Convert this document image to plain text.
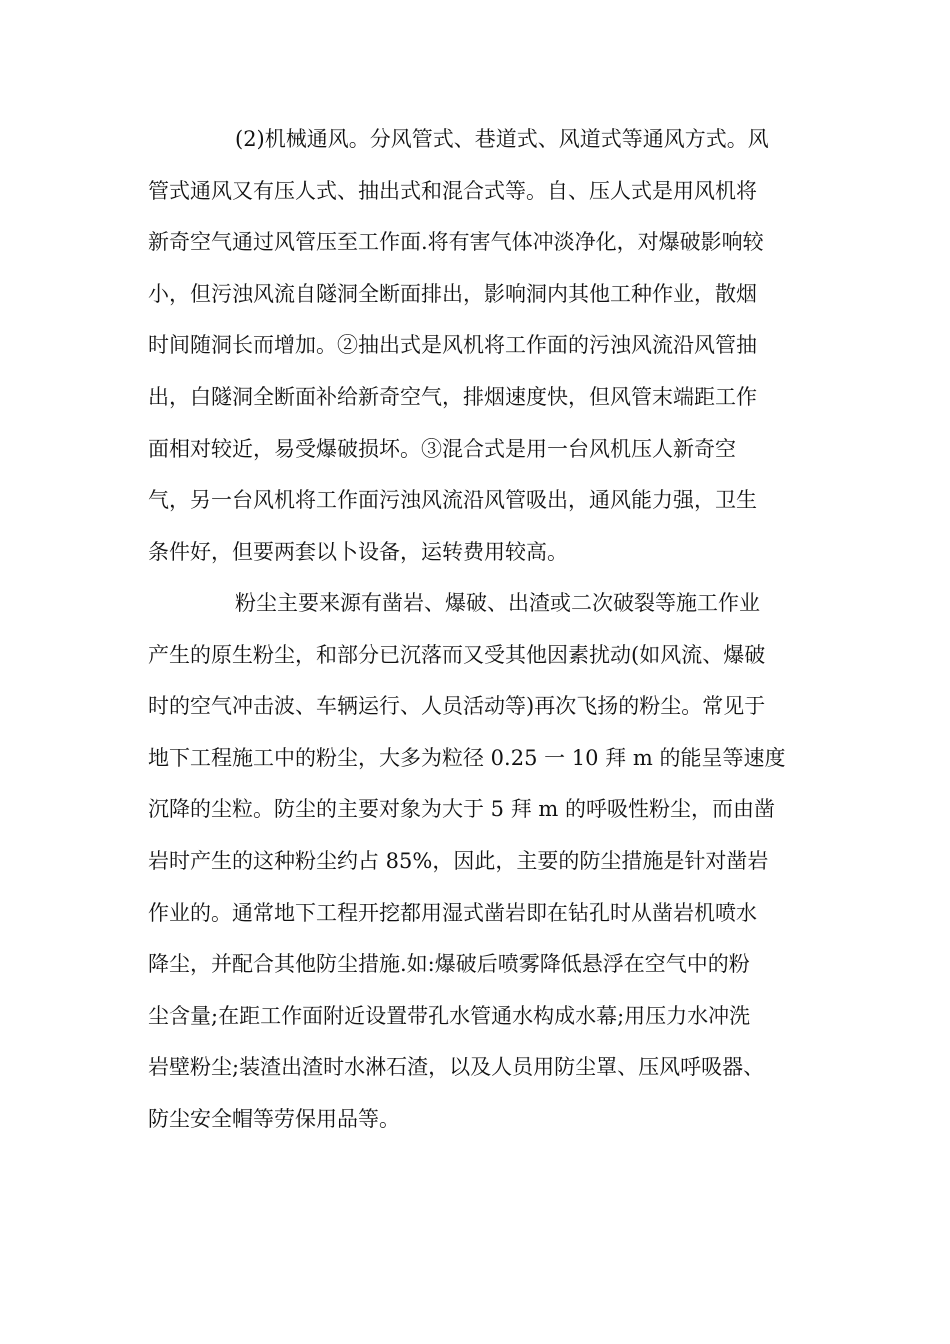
(2)机械通风。分风管式、巷道式、风道式等通风方式。风
管式通风又有压人式、抽出式和混合式等。自、压人式是用风机将
新奇空气通过风管压至工作面.将有害气体冲淡净化，对爆破影响较
小，但污浊风流自隧洞全断面排出，影响洞内其他工种作业，散烟
时间随洞长而增加。②抽出式是风机将工作面的污浊风流沿风管抽
出，白隧洞全断面补给新奇空气，排烟速度快，但风管末端距工作
面相对较近，易受爆破损坏。③混合式是用一台风机压人新奇空
气，另一台风机将工作面污浊风流沿风管吸出，通风能力强，卫生
条件好，但要两套以卜设备，运转费用较高。
粉尘主要来源有凿岩、爆破、出渣或二次破裂等施工作业
产生的原生粉尘，和部分已沉落而又受其他因素扰动(如风流、爆破
时的空气冲击波、车辆运行、人员活动等)再次飞扬的粉尘。常见于
地下工程施工中的粉尘，大多为粒径 0.25 一 10 拜 m 的能呈等速度
沉降的尘粒。防尘的主要对象为大于 5 拜 m 的呼吸性粉尘，而由凿
岩时产生的这种粉尘约占 85%，因此，主要的防尘措施是针对凿岩
作业的。通常地下工程开挖都用湿式凿岩即在钻孔时从凿岩机喷水
降尘，并配合其他防尘措施.如:爆破后喷雾降低悬浮在空气中的粉
尘含量;在距工作面附近设置带孔水管通水构成水幕;用压力水冲洗
岩壁粉尘;装渣出渣时水淋石渣，以及人员用防尘罩、压风呼吸器、
防尘安全帽等劳保用品等。
